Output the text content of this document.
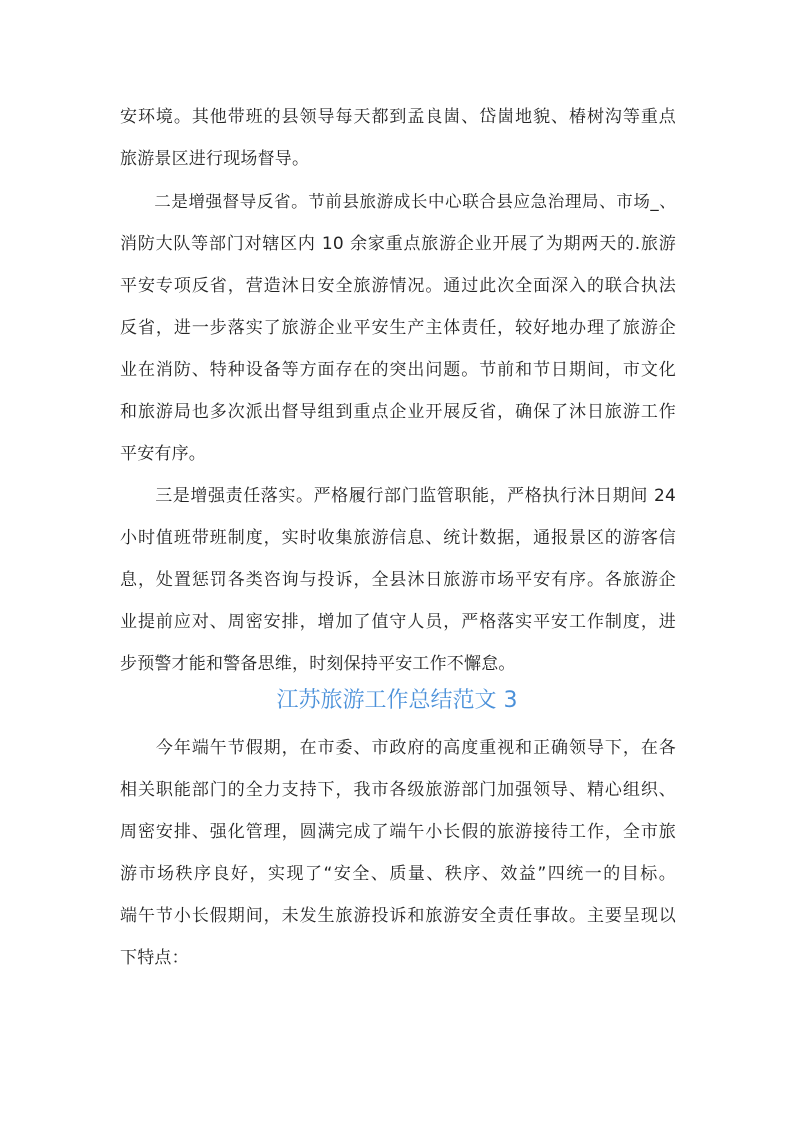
安环境。其他带班的县领导每天都到孟良崮、岱崮地貌、椿树沟等重点
旅游景区进行现场督导。
　　二是增强督导反省。节前县旅游成长中心联合县应急治理局、市场_、
消防大队等部门对辖区内 10 余家重点旅游企业开展了为期两天的.旅游
平安专项反省，营造沐日安全旅游情况。通过此次全面深入的联合执法
反省，进一步落实了旅游企业平安生产主体责任，较好地办理了旅游企
业在消防、特种设备等方面存在的突出问题。节前和节日期间，市文化
和旅游局也多次派出督导组到重点企业开展反省，确保了沐日旅游工作
平安有序。
　　三是增强责任落实。严格履行部门监管职能，严格执行沐日期间 24
小时值班带班制度，实时收集旅游信息、统计数据，通报景区的游客信
息，处置惩罚各类咨询与投诉，全县沐日旅游市场平安有序。各旅游企
业提前应对、周密安排，增加了值守人员，严格落实平安工作制度，进
步预警才能和警备思维，时刻保持平安工作不懈怠。
江苏旅游工作总结范文 3
　　今年端午节假期，在市委、市政府的高度重视和正确领导下，在各
相关职能部门的全力支持下，我市各级旅游部门加强领导、精心组织、
周密安排、强化管理，圆满完成了端午小长假的旅游接待工作，全市旅
游市场秩序良好，实现了“安全、质量、秩序、效益”四统一的目标。
端午节小长假期间，未发生旅游投诉和旅游安全责任事故。主要呈现以
下特点：
